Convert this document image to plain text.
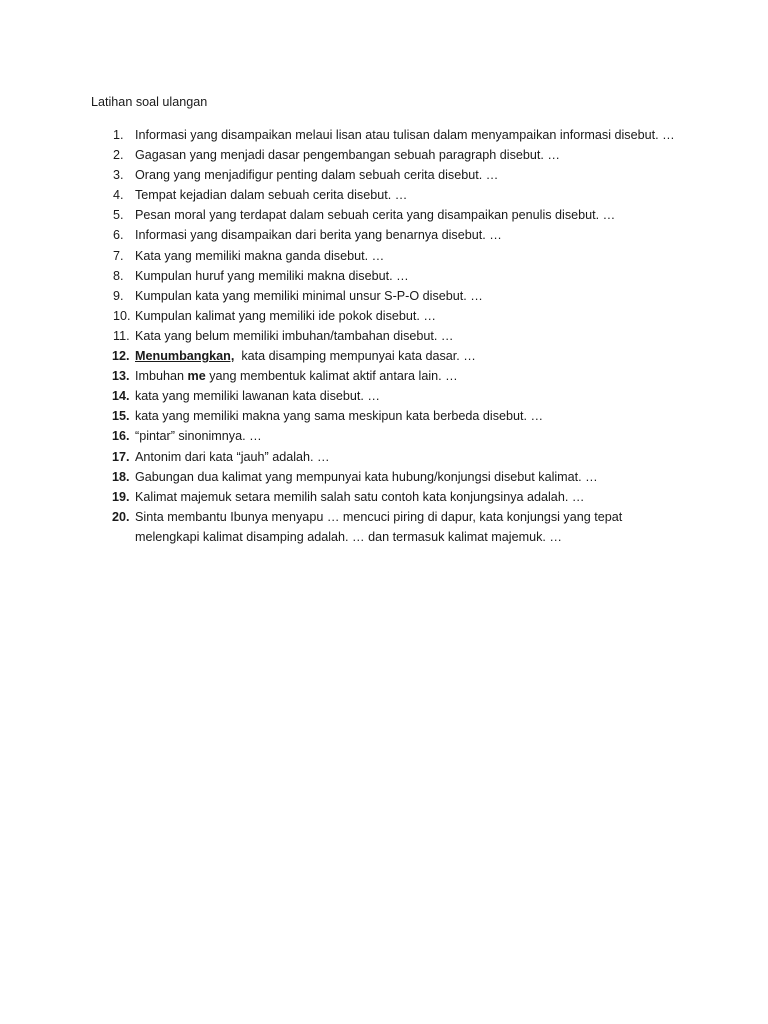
Latihan soal ulangan
1. Informasi yang disampaikan melaui lisan atau tulisan dalam menyampaikan informasi disebut. …
2. Gagasan yang menjadi dasar pengembangan sebuah paragraph disebut. …
3. Orang yang menjadifigur penting dalam sebuah cerita disebut. …
4. Tempat kejadian dalam sebuah cerita disebut. …
5. Pesan moral yang terdapat dalam sebuah cerita yang disampaikan penulis disebut. …
6. Informasi yang disampaikan dari berita yang benarnya disebut. …
7. Kata yang memiliki makna ganda disebut. …
8. Kumpulan huruf yang memiliki makna disebut. …
9. Kumpulan kata yang memiliki minimal unsur S-P-O disebut. …
10. Kumpulan kalimat yang memiliki ide pokok disebut. …
11. Kata yang belum memiliki imbuhan/tambahan disebut. …
12. Menumbangkan,  kata disamping mempunyai kata dasar. …
13. Imbuhan me yang membentuk kalimat aktif antara lain. …
14. kata yang memiliki lawanan kata disebut. …
15. kata yang memiliki makna yang sama meskipun kata berbeda disebut. …
16. “pintar” sinonimnya. …
17. Antonim dari kata “jauh” adalah. …
18. Gabungan dua kalimat yang mempunyai kata hubung/konjungsi disebut kalimat. …
19. Kalimat majemuk setara memilih salah satu contoh kata konjungsinya adalah. …
20. Sinta membantu Ibunya menyapu … mencuci piring di dapur, kata konjungsi yang tepat
melengkapi kalimat disamping adalah. … dan termasuk kalimat majemuk. …
